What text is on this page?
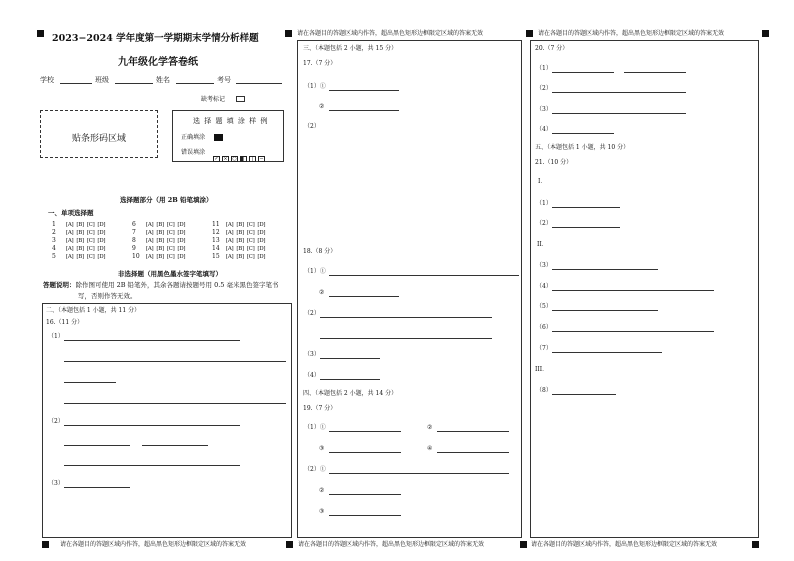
请在各题目的答题区域内作答，超出黑色矩形边框限定区域的答案无效	请在各题目的答题区域内作答，超出黑色矩形边框限定区域的答案无效
请在各题目的答题区域内作答，超出黑色矩形边框限定区域的答案无效	请在各题目的答题区域内作答，超出黑色矩形边框限定区域的答案无效	请在各题目的答题区域内作答，超出黑色矩形边框限定区域的答案无效
2023−2024 学年度第一学期期末学情分析样题
九年级化学答卷纸
学校	班级	姓名	考号
缺考标记
贴条形码区域
选 择 题 填 涂 样 例
正确填涂
错误填涂
✓ × ○	| −
选择题部分（用 2B 铅笔填涂）
一、单项选择题
1 [A] [B] [C] [D]
2 [A] [B] [C] [D]
3 [A] [B] [C] [D]
4 [A] [B] [C] [D]
5 [A] [B] [C] [D]
6 [A] [B] [C] [D]
7 [A] [B] [C] [D]
8 [A] [B] [C] [D]
9 [A] [B] [C] [D]
10 [A] [B] [C] [D]
11 [A] [B] [C] [D]
12 [A] [B] [C] [D]
13 [A] [B] [C] [D]
14 [A] [B] [C] [D]
15 [A] [B] [C] [D]
非选择题（用黑色墨水签字笔填写）
答题说明：除作图可使用 2B 铅笔外，其余各题请按题号用 0.5 毫米黑色签字笔书
写，否则作答无效。
二、（本题包括 1 小题，共 11 分）
16.（11 分）
（1）
（2）
（3）
三、（本题包括 2 小题，共 15 分）
17.（7 分）
（1）①
②
（2）
18.（8 分）
（1）①
②
（2）
（3）
（4）
四、（本题包括 2 小题，共 14 分）
19.（7 分）
（1）①	②
③	④
（2）①
②
③
20.（7 分）
（1）
（2）
（3）
（4）
五、（本题包括 1 小题，共 10 分）
21.（10 分）
I．
（1）
（2）
II．
（3）
（4）
（5）
（6）
（7）
III．
（8）
